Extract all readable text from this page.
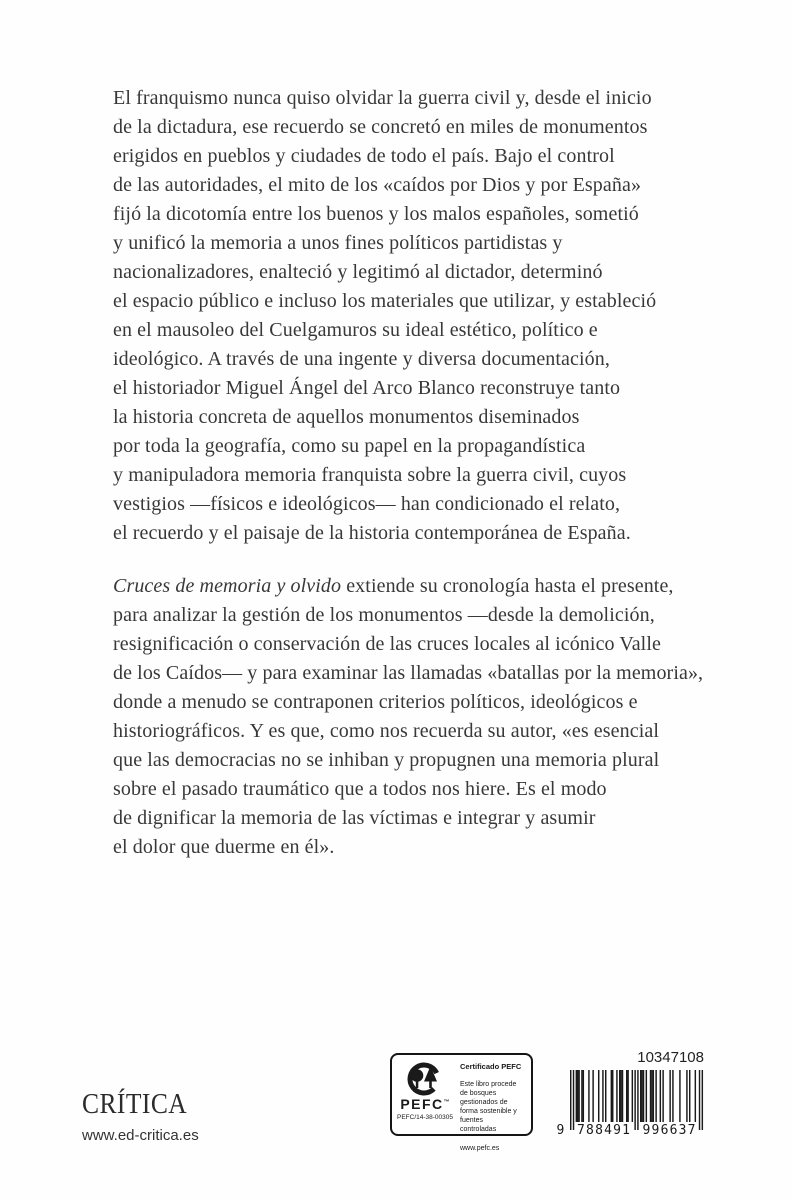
El franquismo nunca quiso olvidar la guerra civil y, desde el inicio
de la dictadura, ese recuerdo se concretó en miles de monumentos
erigidos en pueblos y ciudades de todo el país. Bajo el control
de las autoridades, el mito de los «caídos por Dios y por España»
fijó la dicotomía entre los buenos y los malos españoles, sometió
y unificó la memoria a unos fines políticos partidistas y
nacionalizadores, enalteció y legitimó al dictador, determinó
el espacio público e incluso los materiales que utilizar, y estableció
en el mausoleo del Cuelgamuros su ideal estético, político e
ideológico. A través de una ingente y diversa documentación,
el historiador Miguel Ángel del Arco Blanco reconstruye tanto
la historia concreta de aquellos monumentos diseminados
por toda la geografía, como su papel en la propagandística
y manipuladora memoria franquista sobre la guerra civil, cuyos
vestigios —físicos e ideológicos— han condicionado el relato,
el recuerdo y el paisaje de la historia contemporánea de España.
Cruces de memoria y olvido extiende su cronología hasta el presente,
para analizar la gestión de los monumentos —desde la demolición,
resignificación o conservación de las cruces locales al icónico Valle
de los Caídos— y para examinar las llamadas «batallas por la memoria»,
donde a menudo se contraponen criterios políticos, ideológicos e
historiográficos. Y es que, como nos recuerda su autor, «es esencial
que las democracias no se inhiban y propugnen una memoria plural
sobre el pasado traumático que a todos nos hiere. Es el modo
de dignificar la memoria de las víctimas e integrar y asumir
el dolor que duerme en él».
CRÍTICA
www.ed-critica.es
PEFC™
PEFC/14-38-00305
Certificado PEFC
Este libro procede de bosques gestionados de forma sostenible y fuentes controladas
www.pefc.es
10347108
9 788491 996637
